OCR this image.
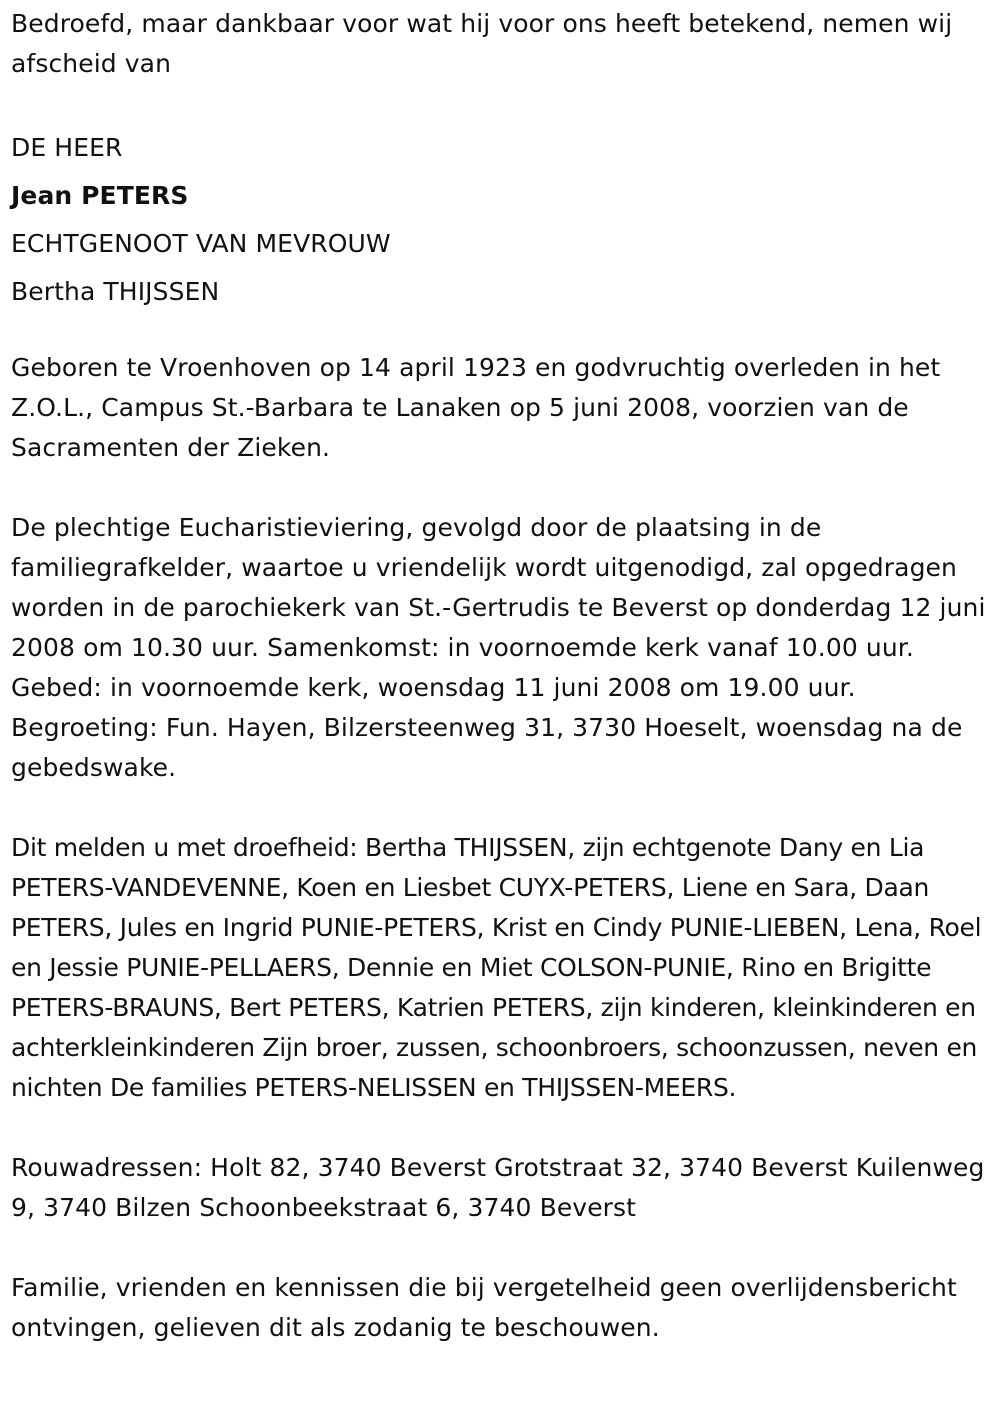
Bedroefd, maar dankbaar voor wat hij voor ons heeft betekend, nemen wij afscheid van

DE HEER

Jean PETERS

ECHTGENOOT VAN MEVROUW

Bertha THIJSSEN

Geboren te Vroenhoven op 14 april 1923 en godvruchtig overleden in het Z.O.L., Campus St.-Barbara te Lanaken op 5 juni 2008, voorzien van de Sacramenten der Zieken.

De plechtige Eucharistieviering, gevolgd door de plaatsing in de familiegrafkelder, waartoe u vriendelijk wordt uitgenodigd, zal opgedragen worden in de parochiekerk van St.-Gertrudis te Beverst op donderdag 12 juni 2008 om 10.30 uur. Samenkomst: in voornoemde kerk vanaf 10.00 uur. Gebed: in voornoemde kerk, woensdag 11 juni 2008 om 19.00 uur. Begroeting: Fun. Hayen, Bilzersteenweg 31, 3730 Hoeselt, woensdag na de gebedswake.

Dit melden u met droefheid: Bertha THIJSSEN, zijn echtgenote Dany en Lia PETERS-VANDEVENNE, Koen en Liesbet CUYX-PETERS, Liene en Sara, Daan PETERS, Jules en Ingrid PUNIE-PETERS, Krist en Cindy PUNIE-LIEBEN, Lena, Roel en Jessie PUNIE-PELLAERS, Dennie en Miet COLSON-PUNIE, Rino en Brigitte PETERS-BRAUNS, Bert PETERS, Katrien PETERS, zijn kinderen, kleinkinderen en achterkleinkinderen Zijn broer, zussen, schoonbroers, schoonzussen, neven en nichten De families PETERS-NELISSEN en THIJSSEN-MEERS.

Rouwadressen: Holt 82, 3740 Beverst Grotstraat 32, 3740 Beverst Kuilenweg 9, 3740 Bilzen Schoonbeekstraat 6, 3740 Beverst

Familie, vrienden en kennissen die bij vergetelheid geen overlijdensbericht ontvingen, gelieven dit als zodanig te beschouwen.
